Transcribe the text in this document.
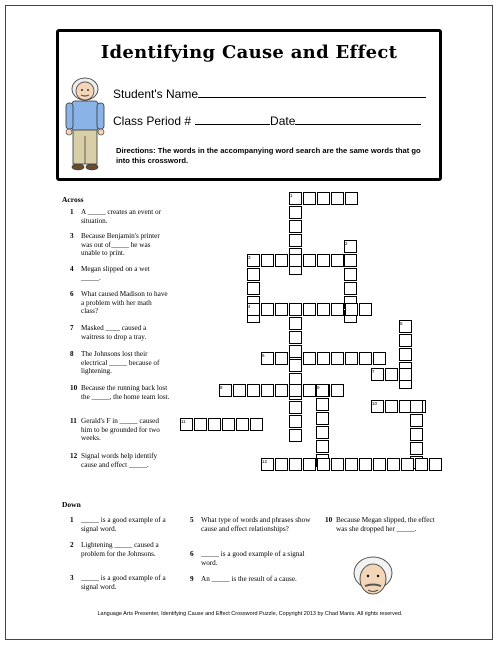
Identifying Cause and Effect
Student's Name
Class Period #	Date
Directions: The words in the accompanying word search are the same words that go into this crossword.
Across
1 A _____ creates an event or situation.
3 Because Benjamin's printer was out of_____ he was unable to print.
4 Megan slipped on a wet _____.
6 What caused Madison to have a problem with her math class?
7 Masked ____ caused a waitress to drop a tray.
8 The Johnsons lost their electrical _____ because of lightening.
10 Because the running back lost the _____, the home team lost.
11 Gerald's F in _____ caused him to be grounded for two weeks.
12 Signal words help identify cause and effect _____.
Down
1 _____ is a good example of a signal word.
2 Lightening _____ caused a problem for the Johnsons.
3 _____ is a good example of a signal word.
5 What type of words and phrases show cause and effect relationships?
6 _____ is a good example of a signal word.
9 An _____ is the result of a cause.
10 Because Megan slipped, the effect was she dropped her _____.
1
2
3
4
5
6
7
8	9
10
11
12
Language Arts Presenter, Identifying Cause and Effect Crossword Puzzle, Copyright 2013 by Chad Manis. All rights reserved.
